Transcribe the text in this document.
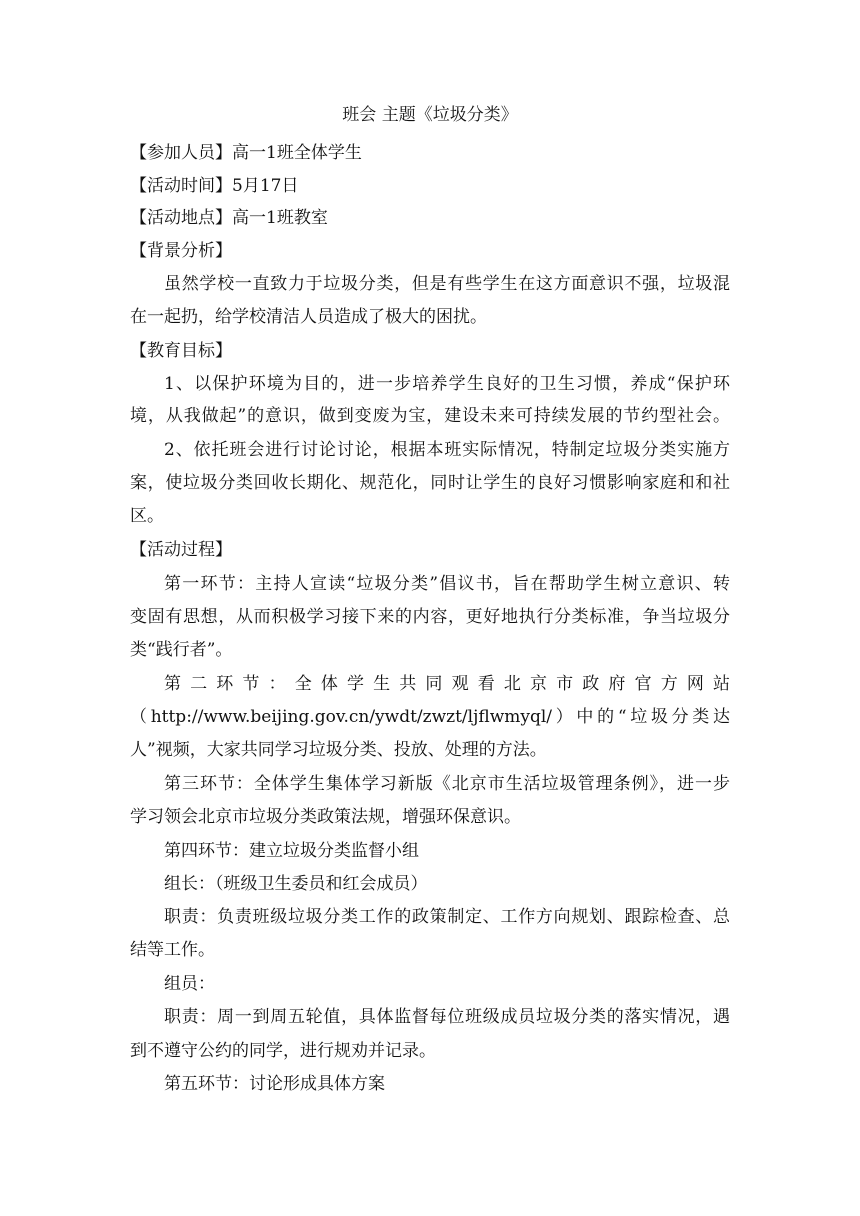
班会 主题《垃圾分类》
【参加人员】高一1班全体学生
【活动时间】5月17日
【活动地点】高一1班教室
【背景分析】
虽然学校一直致力于垃圾分类，但是有些学生在这方面意识不强，垃圾混
在一起扔，给学校清洁人员造成了极大的困扰。
【教育目标】
1、以保护环境为目的，进一步培养学生良好的卫生习惯，养成“保护环
境，从我做起”的意识，做到变废为宝，建设未来可持续发展的节约型社会。
2、依托班会进行讨论讨论，根据本班实际情况，特制定垃圾分类实施方
案，使垃圾分类回收长期化、规范化，同时让学生的良好习惯影响家庭和和社
区。
【活动过程】
第一环节：主持人宣读“垃圾分类”倡议书，旨在帮助学生树立意识、转
变固有思想，从而积极学习接下来的内容，更好地执行分类标准，争当垃圾分
类“践行者”。
第二环节：全体学生共同观看北京市政府官方网站
（http://www.beijing.gov.cn/ywdt/zwzt/ljflwmyql/）中的“垃圾分类达
人”视频，大家共同学习垃圾分类、投放、处理的方法。
第三环节：全体学生集体学习新版《北京市生活垃圾管理条例》，进一步
学习领会北京市垃圾分类政策法规，增强环保意识。
第四环节：建立垃圾分类监督小组
组长：（班级卫生委员和红会成员）
职责：负责班级垃圾分类工作的政策制定、工作方向规划、跟踪检查、总
结等工作。
组员：
职责：周一到周五轮值，具体监督每位班级成员垃圾分类的落实情况，遇
到不遵守公约的同学，进行规劝并记录。
第五环节：讨论形成具体方案
